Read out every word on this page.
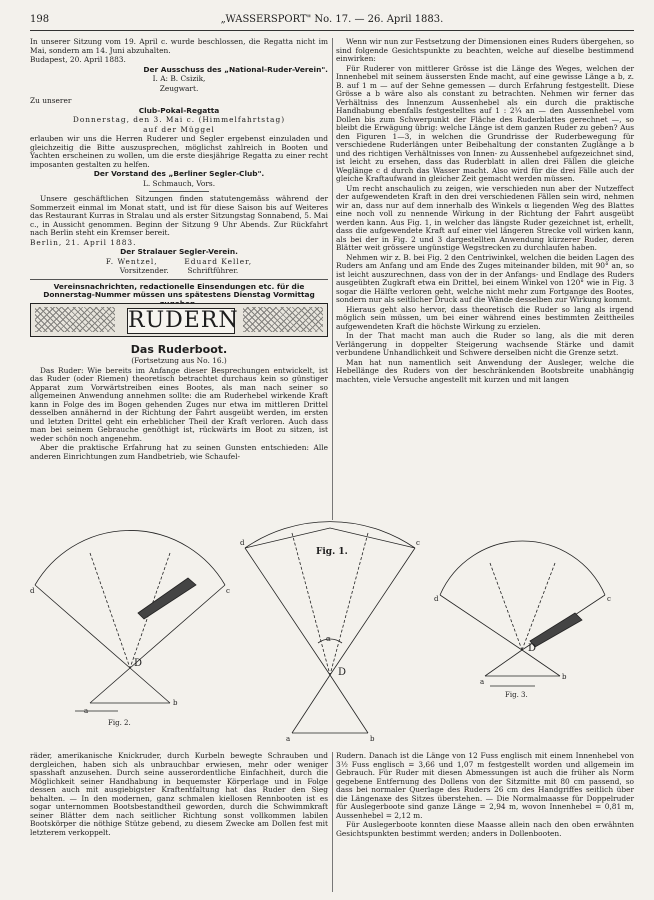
198	„WASSERSPORT" No. 17. — 26. April 1883.

In unserer Sitzung vom 19. April c. wurde beschlossen, die Regatta nicht im Mai, sondern am 14. Juni abzuhalten.

Budapest, 20. April 1883.

Der Ausschuss des „National-Ruder-Verein".

I. A: B. Csizik,

Zeugwart.

Zu unserer

Club-Pokal-Regatta

Donnerstag, den 3. Mai c. (Himmelfahrtstag)

auf der Müggel

erlauben wir uns die Herren Ruderer und Segler ergebenst einzuladen und gleichzeitig die Bitte auszusprechen, möglichst zahlreich in Booten und Yachten erscheinen zu wollen, um die erste diesjährige Regatta zu einer recht imposanten gestalten zu helfen.

Der Vorstand des „Berliner Segler-Club".

L. Schmauch, Vors.

Unsere geschäftlichen Sitzungen finden statutengemäss während der Sommerzeit einmal im Monat statt, und ist für diese Saison bis auf Weiteres das Restaurant Kurras in Stralau und als erster Sitzungstag Sonnabend, 5. Mai c., in Aussicht genommen. Beginn der Sitzung 9 Uhr Abends. Zur Rückfahrt nach Berlin steht ein Kremser bereit.

Berlin, 21. April 1883.

Der Stralauer Segler-Verein.

F. Wentzel,        Eduard Keller,

Vorsitzender.        Schriftführer.

Vereinsnachrichten, redactionelle Einsendungen etc. für die Donnerstag-Nummer müssen uns spätestens Dienstag Vormittag

RUDERN

Das Ruderboot.

(Fortsetzung aus No. 16.)

Das Ruder: Wie bereits im Anfange dieser Besprechungen entwickelt, ist das Ruder (oder Riemen) theoretisch betrachtet durchaus kein so günstiger Apparat zum Vorwärtstreiben eines Bootes, als man nach seiner so allgemeinen Anwendung annehmen sollte: die am Ruderhebel wirkende Kraft kann in Folge des im Bogen gehenden Zuges nur etwa im mittleren Drittel desselben annähernd in der Richtung der Fahrt ausgeübt werden, im ersten und letzten Drittel geht ein erheblicher Theil der Kraft verloren. Auch dass man bei seinem Gebrauche genöthigt ist, rückwärts im Boot zu sitzen, ist weder schön noch angenehm.

Aber die praktische Erfahrung hat zu seinen Gunsten entschieden: Alle anderen Einrichtungen zum Handbetrieb, wie Schaufel-

Wenn wir nun zur Festsetzung der Dimensionen eines Ruders übergehen, so sind folgende Gesichtspunkte zu beachten, welche auf dieselbe bestimmend einwirken:

Für Ruderer von mittlerer Grösse ist die Länge des Weges, welchen der Innenhebel mit seinem äussersten Ende macht, auf eine gewisse Länge a b, z. B. auf 1 m — auf der Sehne gemessen — durch Erfahrung festgestellt. Diese Grösse a b wäre also als constant zu betrachten. Nehmen wir ferner das Verhältniss des Innenzum Aussenhebel als ein durch die praktische Handhabung ebenfalls festgestelltes auf 1 : 2¼ an — den Aussenhebel vom Dollen bis zum Schwerpunkt der Fläche des Ruderblattes gerechnet —, so bleibt die Erwägung übrig: welche Länge ist dem ganzen Ruder zu geben? Aus den Figuren 1—3, in welchen die Grundrisse der Ruderbewegung für verschiedene Ruderlängen unter Beibehaltung der constanten Zuglänge a b und des richtigen Verhältnisses von Innen- zu Aussenhebel aufgezeichnet sind, ist leicht zu ersehen, dass das Ruderblatt in allen drei Fällen die gleiche Weglänge c d durch das Wasser macht. Also wird für die drei Fälle auch der gleiche Kraftaufwand in gleicher Zeit gemacht werden müssen.

Um recht anschaulich zu zeigen, wie verschieden nun aber der Nutzeffect der aufgewendeten Kraft in den drei verschiedenen Fällen sein wird, nehmen wir an, dass nur auf dem innerhalb des Winkels α liegenden Weg des Blattes eine noch voll zu nennende Wirkung in der Richtung der Fahrt ausgeübt werden kann. Aus Fig. 1, in welcher das längste Ruder gezeichnet ist, erhellt, dass die aufgewendete Kraft auf einer viel längeren Strecke voll wirken kann, als bei der in Fig. 2 und 3 dargestellten Anwendung kürzerer Ruder, deren Blätter weit grössere ungünstige Wegstrecken zu durchlaufen haben.

Nehmen wir z. B. bei Fig. 2 den Centriwinkel, welchen die beiden Lagen des Ruders am Anfang und am Ende des Zuges miteinander bilden, mit 90° an, so ist leicht auszurechnen, dass von der in der Anfangs- und Endlage des Ruders ausgeübten Zugkraft etwa ein Drittel, bei einem Winkel von 120° wie in Fig. 3 sogar die Hälfte verloren geht, welche nicht mehr zum Fortgange des Bootes, sondern nur als seitlicher Druck auf die Wände desselben zur Wirkung kommt.

Hieraus geht also hervor, dass theoretisch die Ruder so lang als irgend möglich sein müssen, um bei einer während eines bestimmten Zeittheiles aufgewendeten Kraft die höchste Wirkung zu erzielen.

In der That macht man auch die Ruder so lang, als die mit deren Verlängerung in doppelter Steigerung wachsende Stärke und damit verbundene Unhandlichkeit und Schwere derselben nicht die Grenze setzt.

Man hat nun namentlich seit Anwendung der Ausleger, welche die Hebellänge des Ruders von der beschränkenden Bootsbreite unabhängig machten, viele Versuche angestellt mit kurzen und mit langen

Fig. 1.
Fig. 2.
Fig. 3.
D
D
D
α
d	c
a
b
d	c
a	b
d	c
a
b

räder, amerikanische Knickruder, durch Kurbeln bewegte Schrauben und dergleichen, haben sich als unbrauchbar erwiesen, mehr oder weniger spasshaft anzusehen. Durch seine ausserordentliche Einfachheit, durch die Möglichkeit seiner Handhabung in bequemster Körperlage und in Folge dessen auch mit ausgiebigster Kraftentfaltung hat das Ruder den Sieg behalten. — In den modernen, ganz schmalen kiellosen Rennbooten ist es sogar unternommen Bootsbestandtheil geworden, durch die Schwimmkraft seiner Blätter dem nach seitlicher Richtung sonst vollkommen labilen Bootskörper die nöthige Stütze gebend, zu diesem Zwecke am Dollen fest mit letzterem verkoppelt.

Rudern. Danach ist die Länge von 12 Fuss englisch mit einem Innenhebel von 3½ Fuss englisch = 3,66 und 1,07 m festgestellt worden und allgemein im Gebrauch. Für Ruder mit diesen Abmessungen ist auch die früher als Norm gegebene Entfernung des Dollens von der Sitzmitte mit 80 cm passend, so dass bei normaler Querlage des Ruders 26 cm des Handgriffes seitlich über die Längenaxe des Sitzes überstehen. — Die Normalmaasse für Doppelruder für Auslegerboote sind ganze Länge = 2,94 m, wovon Innenhebel = 0,81 m, Aussenhebel = 2,12 m.

Für Auslegerboote konnten diese Maasse allein nach den oben erwähnten Gesichtspunkten bestimmt werden; anders in Dollenbooten.
